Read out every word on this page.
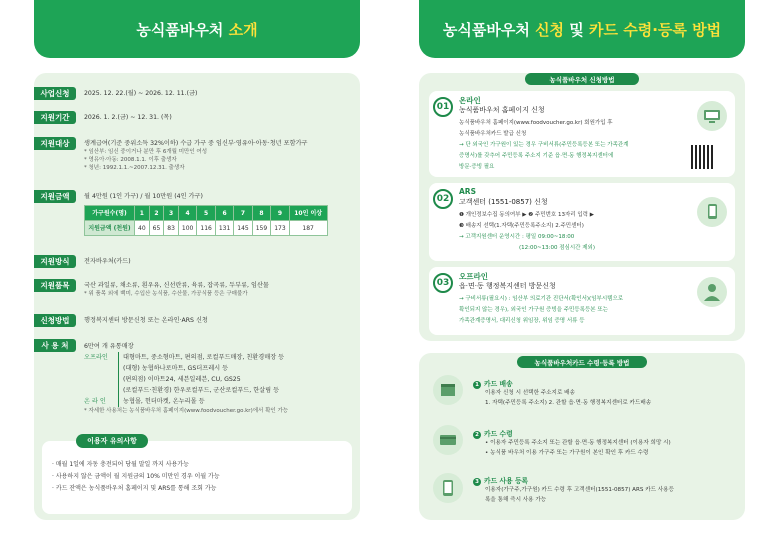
농식품바우처
소개	농식품바우처
신청
및
카드 수령·등록
방법
사업신청	2025. 12. 22.(월) ~ 2026. 12. 11.(금)
지원기간	2026. 1. 2.(금) ~ 12. 31. (목)
지원대상	생계급여(기준 중위소득 32%이하) 수급 가구 중 임신부·영유아·아동·청년 포함가구
* 임산부: 임신 중이거나 분만 후 6개월 미만인 여성
* 영유아·아동: 2008.1.1. 이후 출생자
* 청년: 1992.1.1.~2007.12.31. 출생자
지원금액	월 4만원 (1인 가구) / 월 10만원 (4인 가구)
가구원수(명)	1	2	3	4	5	6	7	8	9	10인 이상
지원금액 (천원)	40	65	83	100	116	131	145	159	173	187
지원방식	전자바우처(카드)
지원품목	국산 과일류, 채소류, 흰우유, 신선란류, 육류, 잡곡류, 두부류, 임산물
* 위 품목 외에 백미, 수입산 농식품, 수산물, 가공식품 등은 구매불가
신청방법	행정복지센터 방문신청 또는 온라인·ARS 신청
사 용 처	6만여 개 유통매장
오프라인	대형마트, 중소형마트, 편의점, 로컬푸드매장, 친환경매장 등
(대형) 농협하나로마트, GS더프레시 등
(편의점) 이마트24, 세븐일레븐, CU, GS25
(로컬푸드·친환경) 한우로컬푸드, 군산로컬푸드, 한살림 등
온 라 인	농협몰, 헌더마켓, 온누리몰 등
* 자세한 사용처는 농식품바우처 홈페이지(www.foodvoucher.go.kr)에서 확인 가능
이용자 유의사항
· 매월 1일에 자동 충전되어 당월 말일 까지 사용가능
· 사용하지 않은 금액이 월 지원금의 10% 미만인 경우 이월 가능
· 카드 잔액은 농식품바우처 홈페이지 및 ARS를 통해 조회 가능
농식품바우처 신청방법
01
온라인
농식품바우처 홈페이지 신청
농식품바우처 홈페이지(www.foodvoucher.go.kr) 회원가입 후
농식품바우처카드 발급 신청
→ 단 외국인 가구원이 있는 경우 구비서류(주민등록등본 또는 가족관계
증명서)를 갖추어 주민등록 주소지 기준 읍·면·동 행정복지센터에
방문·증빙 필요
02
ARS
고객센터 (1551-0857) 신청
❶ 개인정보수집 동의여부 ▶ ❷ 주민번호 13자리 입력 ▶
❸ 배송지 선택(1.자택(주민등록주소지) 2.주민센터)
→ 고객지원센터 운영시간 : 평일 09:00~18:00
(12:00~13:00 점심시간 제외)
03
오프라인
읍·면·동 행정복지센터 방문신청
→ 구비서류(필요시) : 임산부 의료기관 진단서(확인서)(임부시템으로
확인되지 않는 경우), 외국인 가구원 증빙을 주민등록등본 또는
가족관계증명서, 대리신청 위임장, 위임 증명 서류 등
농식품바우처카드 수령·등록 방법
1 카드 배송
이용자 신청 시 선택한 주소지로 배송
1. 자택(주민등록 주소지) 2. 관할 읍·면·동 행정복지센터로 카드배송
2 카드 수령
• 이용자 주민등록 주소지 또는 관할 읍·면·동 행정복지센터 (이용자 희망 시)
• 농식품 바우처 이용 가구주 또는 가구원이 본인 확인 후 카드 수령
3 카드 사용 등록
이용자(가구주,가구원) 카드 수령 후 고객센터(1551-0857) ARS 카드 사용등
록을 통해 즉시 사용 가능
